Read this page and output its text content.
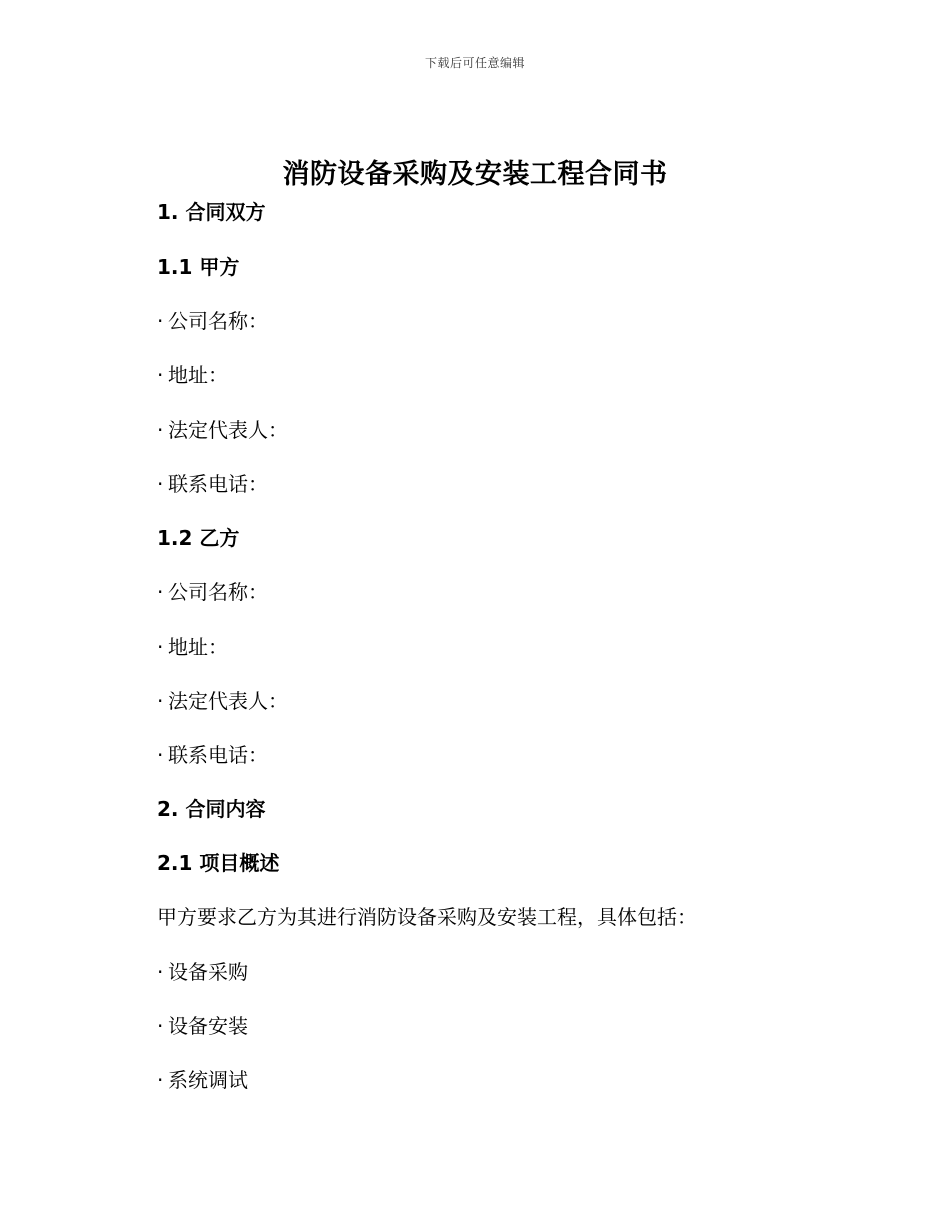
下载后可任意编辑
消防设备采购及安装工程合同书
1. 合同双方
1.1 甲方
· 公司名称：
· 地址：
· 法定代表人：
· 联系电话：
1.2 乙方
· 公司名称：
· 地址：
· 法定代表人：
· 联系电话：
2. 合同内容
2.1 项目概述
甲方要求乙方为其进行消防设备采购及安装工程，具体包括：
· 设备采购
· 设备安装
· 系统调试
